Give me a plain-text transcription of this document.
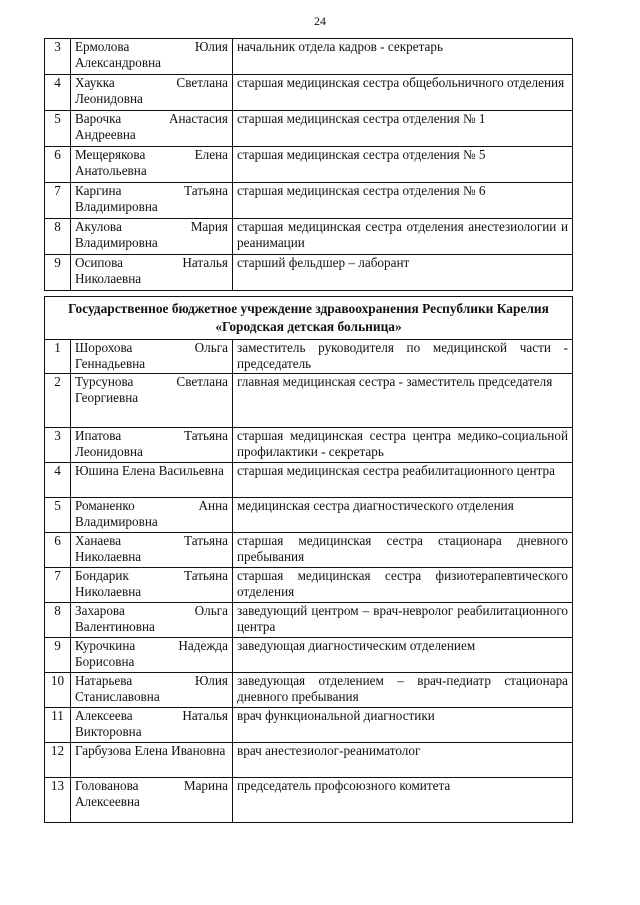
24
3	Ермолова Юлия Александровна	начальник отдела кадров - секретарь
4	Хаукка Светлана Леонидовна	старшая медицинская сестра общебольничного отделения
5	Варочка Анастасия Андреевна	старшая медицинская сестра отделения № 1
6	Мещерякова Елена Анатольевна	старшая медицинская сестра отделения № 5
7	Каргина Татьяна Владимировна	старшая медицинская сестра отделения № 6
8	Акулова Мария Владимировна	старшая медицинская сестра отделения анестезиологии и реанимации
9	Осипова Наталья Николаевна	старший фельдшер – лаборант
Государственное бюджетное учреждение здравоохранения Республики Карелия «Городская детская больница»		
1	Шорохова Ольга Геннадьевна	заместитель руководителя по медицинской части - председатель
2	Турсунова Светлана Георгиевна	главная медицинская сестра - заместитель председателя
3	Ипатова Татьяна Леонидовна	старшая медицинская сестра центра медико-социальной профилактики - секретарь
4	Юшина Елена Васильевна	старшая медицинская сестра реабилитационного центра
5	Романенко Анна Владимировна	медицинская сестра диагностического отделения
6	Ханаева Татьяна Николаевна	старшая медицинская сестра стационара дневного пребывания
7	Бондарик Татьяна Николаевна	старшая медицинская сестра физиотерапевтического отделения
8	Захарова Ольга Валентиновна	заведующий центром – врач-невролог реабилитационного центра
9	Курочкина Надежда Борисовна	заведующая диагностическим отделением
10	Натарьева Юлия Станиславовна	заведующая отделением – врач-педиатр стационара дневного пребывания
11	Алексеева Наталья Викторовна	врач функциональной диагностики
12	Гарбузова Елена Ивановна	врач анестезиолог-реаниматолог
13	Голованова Марина Алексеевна	председатель профсоюзного комитета
